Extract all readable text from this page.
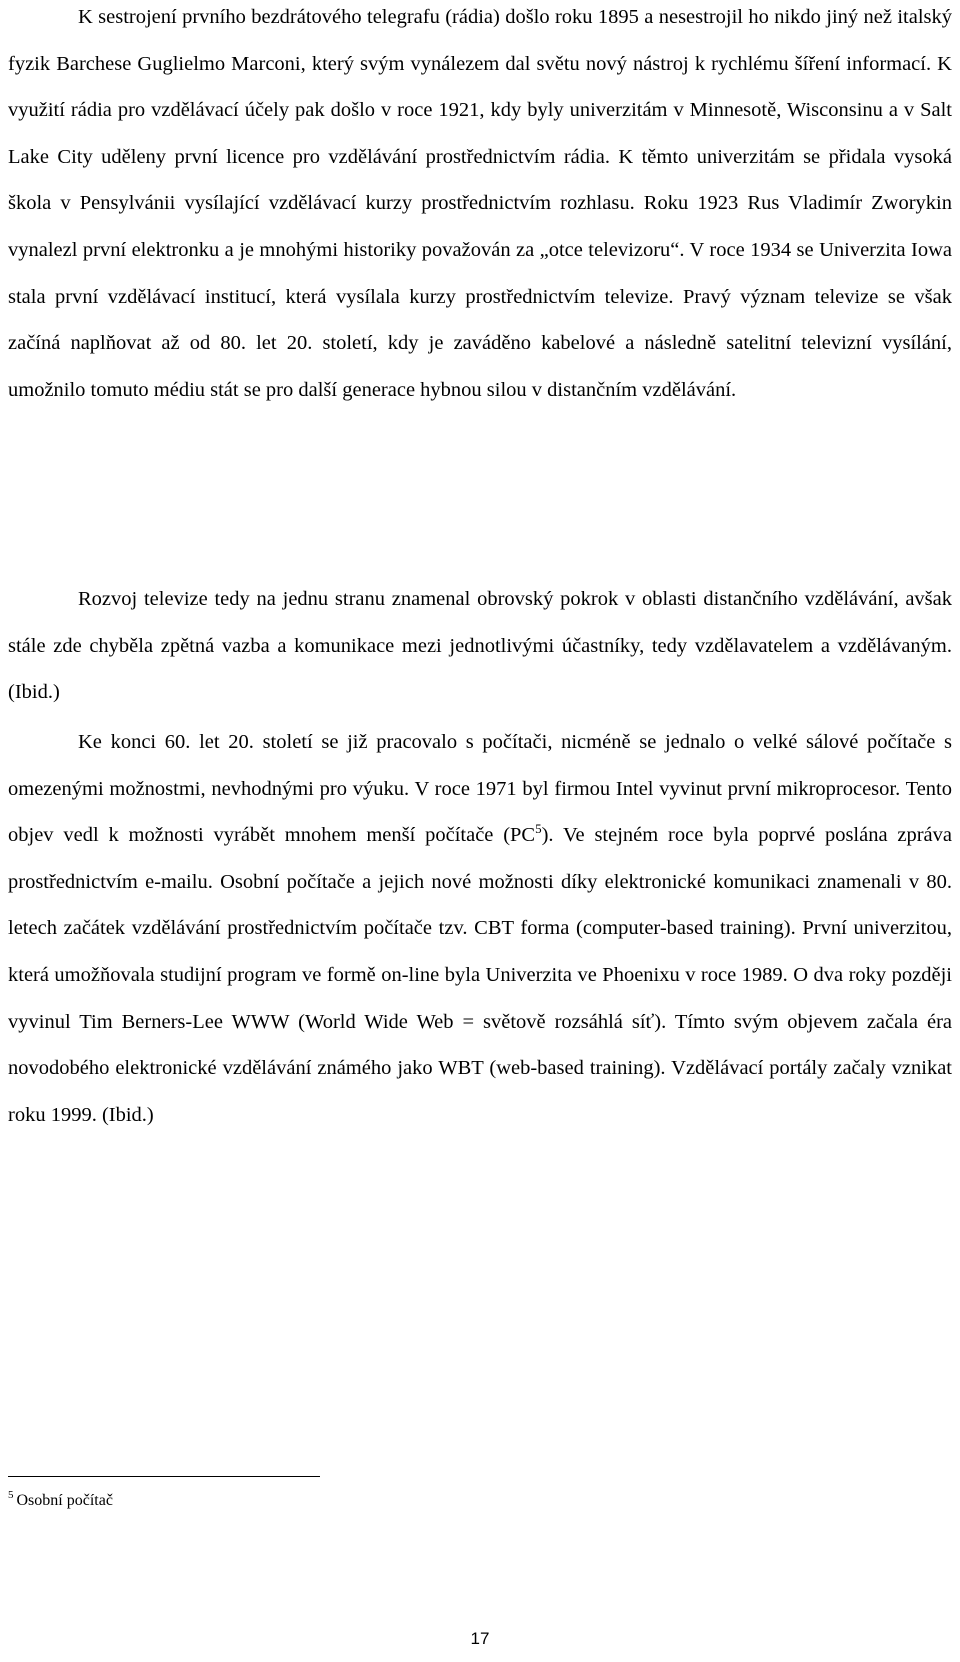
K sestrojení prvního bezdrátového telegrafu (rádia) došlo roku 1895 a nesestrojil ho nikdo jiný než italský fyzik Barchese Guglielmo Marconi, který svým vynálezem dal světu nový nástroj k rychlému šíření informací. K využití rádia pro vzdělávací účely pak došlo v roce 1921, kdy byly univerzitám v Minnesotě, Wisconsinu a v Salt Lake City uděleny první licence pro vzdělávání prostřednictvím rádia. K těmto univerzitám se přidala vysoká škola v Pensylvánii vysílající vzdělávací kurzy prostřednictvím rozhlasu. Roku 1923 Rus Vladimír Zworykin vynalezl první elektronku a je mnohými historiky považován za „otce televizoru“. V roce 1934 se Univerzita Iowa stala první vzdělávací institucí, která vysílala kurzy prostřednictvím televize. Pravý význam televize se však začíná naplňovat až od 80. let 20. století, kdy je zaváděno kabelové a následně satelitní televizní vysílání, umožnilo tomuto médiu stát se pro další generace hybnou silou v distančním vzdělávání.

Rozvoj televize tedy na jednu stranu znamenal obrovský pokrok v oblasti distančního vzdělávání, avšak stále zde chyběla zpětná vazba a komunikace mezi jednotlivými účastníky, tedy vzdělavatelem a vzdělávaným. (Ibid.)

Ke konci 60. let 20. století se již pracovalo s počítači, nicméně se jednalo o velké sálové počítače s omezenými možnostmi, nevhodnými pro výuku. V roce 1971 byl firmou Intel vyvinut první mikroprocesor. Tento objev vedl k možnosti vyrábět mnohem menší počítače $(PC^5)$. Ve stejném roce byla poprvé poslána zpráva prostřednictvím e-mailu. Osobní počítače a jejich nové možnosti díky elektronické komunikaci znamenali v 80. letech začátek vzdělávání prostřednictvím počítače tzv. CBT forma (computer-based training). První univerzitou, která umožňovala studijní program ve formě on-line byla Univerzita ve Phoenixu v roce 1989. O dva roky později vyvinul Tim Berners-Lee WWW (World Wide Web = světově rozsáhlá síť). Tímto svým objevem začala éra novodobého elektronické vzdělávání známého jako WBT (web-based training). Vzdělávací portály začaly vznikat roku 1999. (Ibid.)

$^5$ Osobní počítač
17
